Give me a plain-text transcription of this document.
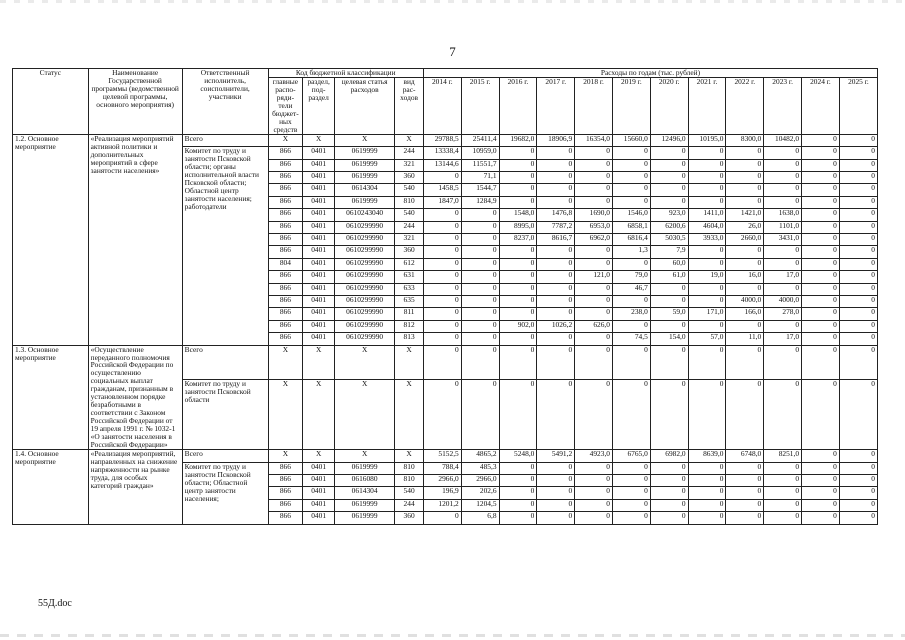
7
Статус	Наименование Государственной программы (ведомственной целевой программы, основного мероприятия)	Ответственный исполнитель, соисполнители, участники	Код бюджетной классификации				Расходы по годам (тыс. рублей)											
			главные распо-ряди-тели бюджет-ных средств	раздел, под-раздел	целевая статья расходов	вид рас-ходов	2014 г.	2015 г.	2016 г.	2017 г.	2018 г.	2019 г.	2020 г.	2021 г.	2022 г.	2023 г.	2024 г.	2025 г.
1.2. Основное мероприятие	«Реализация мероприятий активной политики и дополнительных мероприятий в сфере занятости населения»	Всего	X	X	X	X	29788,5	25411,4	19682,0	18906,9	16354,0	15660,0	12496,0	10195,0	8300,0	10482,0	0	0
		Комитет по труду и занятости Псковской области; органы исполнительной власти Псковской области; Областной центр занятости населения; работодатели	866	0401	0619999	244	13338,4	10959,0	0	0	0	0	0	0	0	0	0	0
			866	0401	0619999	321	13144,6	11551,7	0	0	0	0	0	0	0	0	0	0
			866	0401	0619999	360	0	71,1	0	0	0	0	0	0	0	0	0	0
			866	0401	0614304	540	1458,5	1544,7	0	0	0	0	0	0	0	0	0	0
			866	0401	0619999	810	1847,0	1284,9	0	0	0	0	0	0	0	0	0	0
			866	0401	0610243040	540	0	0	1548,0	1476,8	1690,0	1546,0	923,0	1411,0	1421,0	1638,0	0	0
			866	0401	0610299990	244	0	0	8995,0	7787,2	6953,0	6858,1	6200,6	4604,0	26,0	1101,0	0	0
			866	0401	0610299990	321	0	0	8237,0	8616,7	6962,0	6816,4	5030,5	3933,0	2660,0	3431,0	0	0
			866	0401	0610299990	360	0	0	0	0	0	1,3	7,9	0	0	0	0	0
			804	0401	0610299990	612	0	0	0	0	0	0	60,0	0	0	0	0	0
			866	0401	0610299990	631	0	0	0	0	121,0	79,0	61,0	19,0	16,0	17,0	0	0
			866	0401	0610299990	633	0	0	0	0	0	46,7	0	0	0	0	0	0
			866	0401	0610299990	635	0	0	0	0	0	0	0	0	4000,0	4000,0	0	0
			866	0401	0610299990	811	0	0	0	0	0	238,0	59,0	171,0	166,0	278,0	0	0
			866	0401	0610299990	812	0	0	902,0	1026,2	626,0	0	0	0	0	0	0	0
			866	0401	0610299990	813	0	0	0	0	0	74,5	154,0	57,0	11,0	17,0	0	0
1.3. Основное мероприятие	«Осуществление переданного полномочия Российской Федерации по осуществлению социальных выплат гражданам, признанным в установленном порядке безработными в соответствии с Законом Российской Федерации от 19 апреля 1991 г. № 1032-1 «О занятости населения в Российской Федерации»	Всего	X	X	X	X	0	0	0	0	0	0	0	0	0	0	0	0
		Комитет по труду и занятости Псковской области	X	X	X	X	0	0	0	0	0	0	0	0	0	0	0	0
1.4. Основное мероприятие	«Реализация мероприятий, направленных на снижение напряженности на рынке труда, для особых категорий граждан»	Всего	X	X	X	X	5152,5	4865,2	5248,0	5491,2	4923,0	6765,0	6982,0	8639,0	6748,0	8251,0	0	0
		Комитет по труду и занятости Псковской области; Областной центр занятости населения;	866	0401	0619999	810	788,4	485,3	0	0	0	0	0	0	0	0	0	0
			866	0401	0616080	810	2966,0	2966,0	0	0	0	0	0	0	0	0	0	0
			866	0401	0614304	540	196,9	202,6	0	0	0	0	0	0	0	0	0	0
			866	0401	0619999	244	1201,2	1204,5	0	0	0	0	0	0	0	0	0	0
			866	0401	0619999	360	0	6,8	0	0	0	0	0	0	0	0	0	0
55Д.doc
